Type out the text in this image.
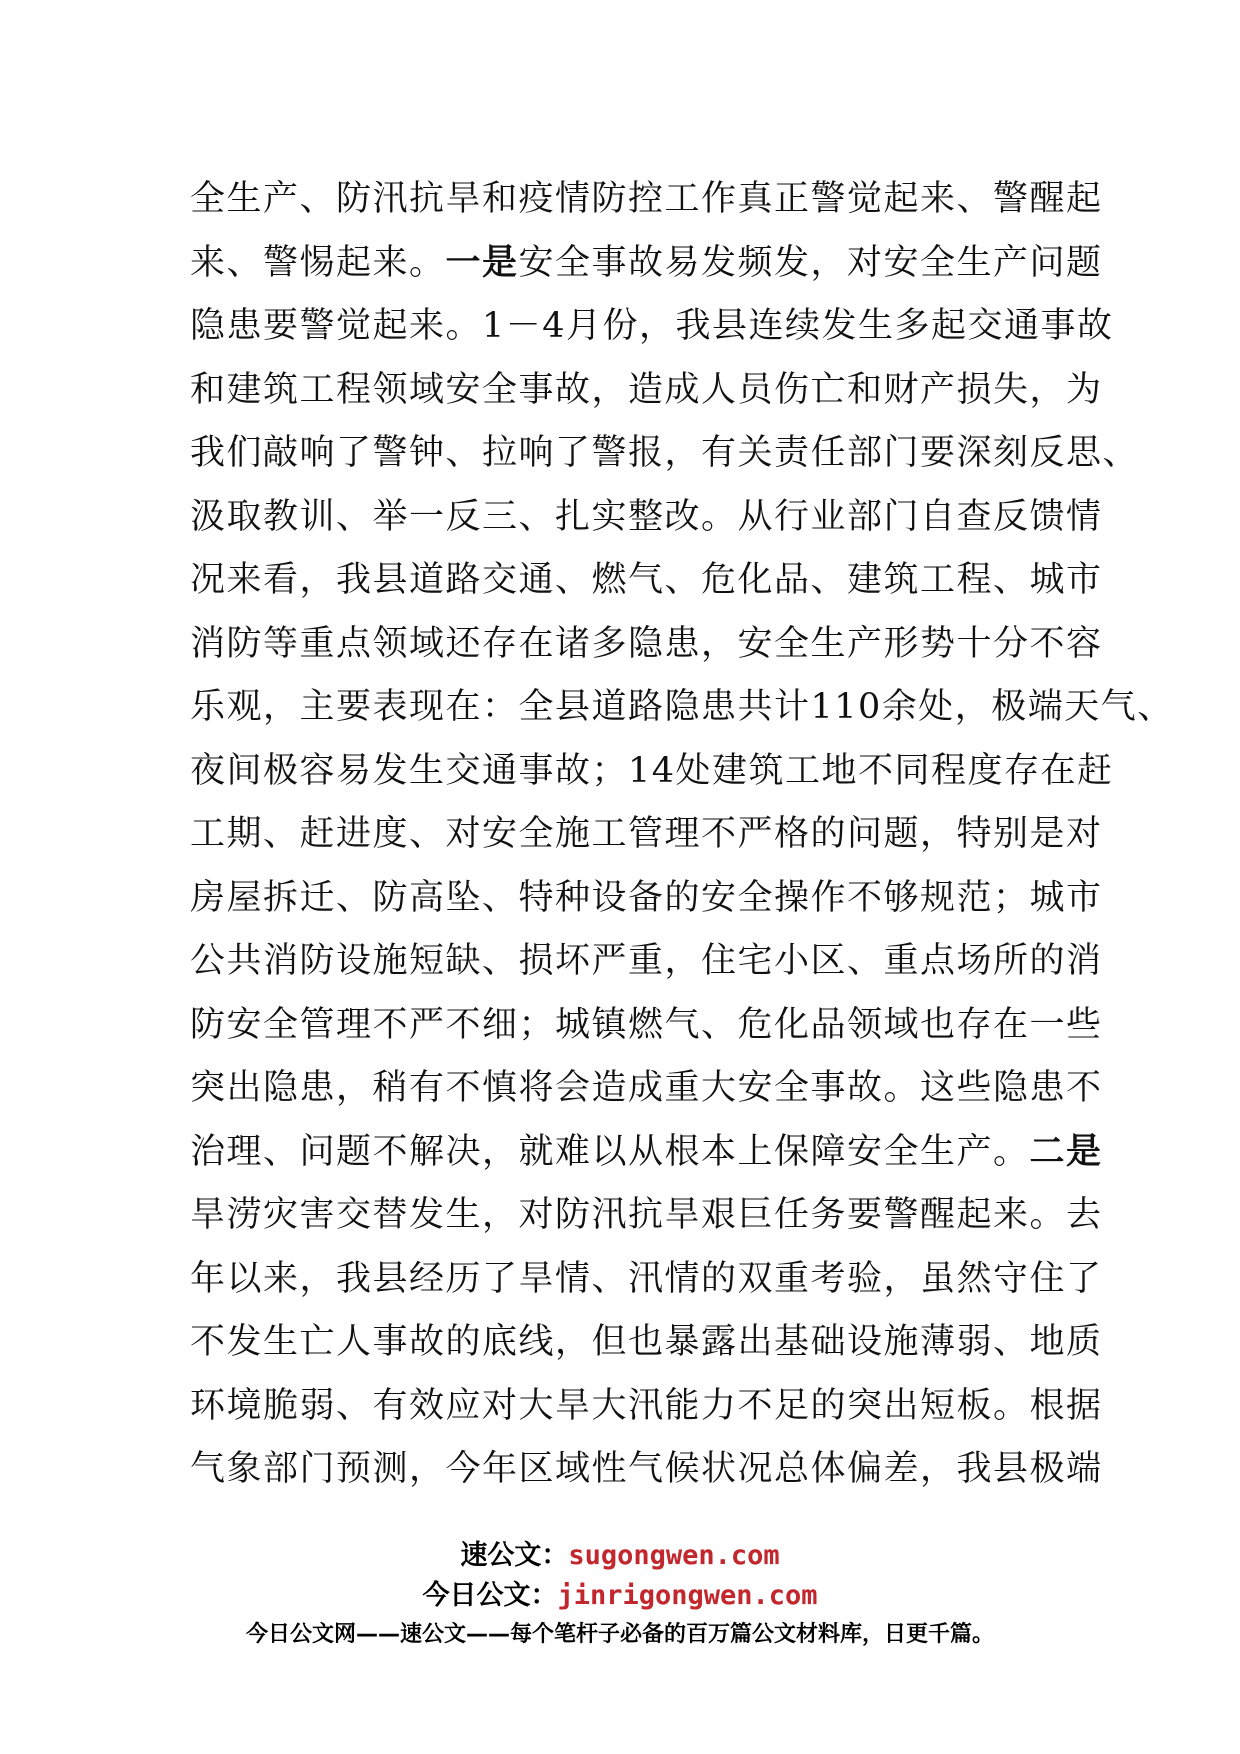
全生产、防汛抗旱和疫情防控工作真正警觉起来、警醒起
来、警惕起来。一是安全事故易发频发，对安全生产问题
隐患要警觉起来。1－4月份，我县连续发生多起交通事故
和建筑工程领域安全事故，造成人员伤亡和财产损失，为
我们敲响了警钟、拉响了警报，有关责任部门要深刻反思、
汲取教训、举一反三、扎实整改。从行业部门自查反馈情
况来看，我县道路交通、燃气、危化品、建筑工程、城市
消防等重点领域还存在诸多隐患，安全生产形势十分不容
乐观，主要表现在：全县道路隐患共计110余处，极端天气、
夜间极容易发生交通事故；14处建筑工地不同程度存在赶
工期、赶进度、对安全施工管理不严格的问题，特别是对
房屋拆迁、防高坠、特种设备的安全操作不够规范；城市
公共消防设施短缺、损坏严重，住宅小区、重点场所的消
防安全管理不严不细；城镇燃气、危化品领域也存在一些
突出隐患，稍有不慎将会造成重大安全事故。这些隐患不
治理、问题不解决，就难以从根本上保障安全生产。二是
旱涝灾害交替发生，对防汛抗旱艰巨任务要警醒起来。去
年以来，我县经历了旱情、汛情的双重考验，虽然守住了
不发生亡人事故的底线，但也暴露出基础设施薄弱、地质
环境脆弱、有效应对大旱大汛能力不足的突出短板。根据
气象部门预测，今年区域性气候状况总体偏差，我县极端
速公文：sugongwen.com
今日公文：jinrigongwen.com
今日公文网——速公文——每个笔杆子必备的百万篇公文材料库，日更千篇。
